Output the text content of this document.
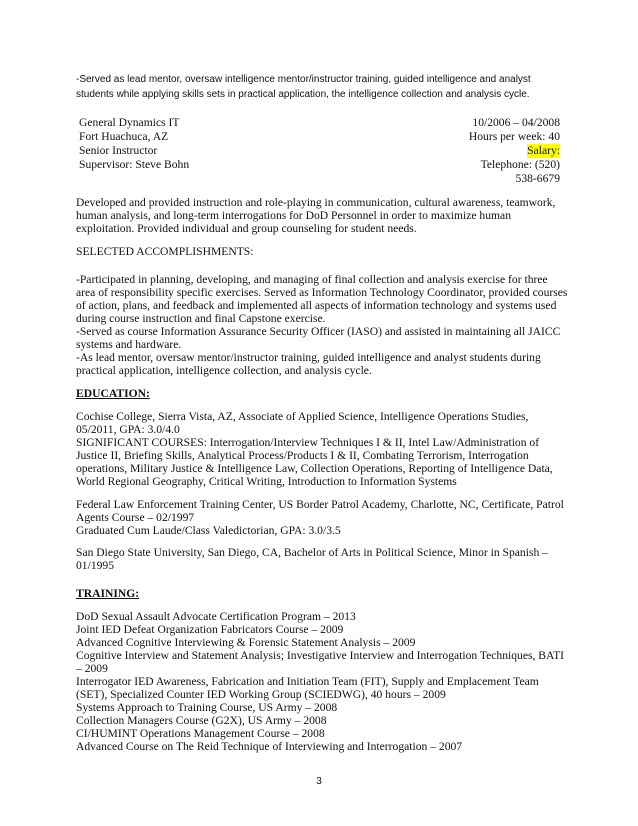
-Served as lead mentor, oversaw intelligence mentor/instructor training, guided intelligence and analyst
students while applying skills sets in practical application, the intelligence collection and analysis cycle.
General Dynamics IT	10/2006 – 04/2008
Fort Huachuca, AZ	Hours per week: 40
Senior Instructor	Salary:
Supervisor: Steve Bohn	Telephone: (520)
538-6679
Developed and provided instruction and role-playing in communication, cultural awareness, teamwork,
human analysis, and long-term interrogations for DoD Personnel in order to maximize human
exploitation. Provided individual and group counseling for student needs.
SELECTED ACCOMPLISHMENTS:
-Participated in planning, developing, and managing of final collection and analysis exercise for three
area of responsibility specific exercises. Served as Information Technology Coordinator, provided courses
of action, plans, and feedback and implemented all aspects of information technology and systems used
during course instruction and final Capstone exercise.
-Served as course Information Assurance Security Officer (IASO) and assisted in maintaining all JAICC
systems and hardware.
-As lead mentor, oversaw mentor/instructor training, guided intelligence and analyst students during
practical application, intelligence collection, and analysis cycle.
EDUCATION:
Cochise College, Sierra Vista, AZ, Associate of Applied Science, Intelligence Operations Studies,
05/2011, GPA: 3.0/4.0
SIGNIFICANT COURSES: Interrogation/Interview Techniques I & II, Intel Law/Administration of
Justice II, Briefing Skills, Analytical Process/Products I & II, Combating Terrorism, Interrogation
operations, Military Justice & Intelligence Law, Collection Operations, Reporting of Intelligence Data,
World Regional Geography, Critical Writing, Introduction to Information Systems
Federal Law Enforcement Training Center, US Border Patrol Academy, Charlotte, NC, Certificate, Patrol
Agents Course – 02/1997
Graduated Cum Laude/Class Valedictorian, GPA: 3.0/3.5
San Diego State University, San Diego, CA, Bachelor of Arts in Political Science, Minor in Spanish –
01/1995
TRAINING:
DoD Sexual Assault Advocate Certification Program – 2013
Joint IED Defeat Organization Fabricators Course – 2009
Advanced Cognitive Interviewing & Forensic Statement Analysis – 2009
Cognitive Interview and Statement Analysis; Investigative Interview and Interrogation Techniques, BATI
– 2009
Interrogator IED Awareness, Fabrication and Initiation Team (FIT), Supply and Emplacement Team
(SET), Specialized Counter IED Working Group (SCIEDWG), 40 hours – 2009
Systems Approach to Training Course, US Army – 2008
Collection Managers Course (G2X), US Army – 2008
CI/HUMINT Operations Management Course – 2008
Advanced Course on The Reid Technique of Interviewing and Interrogation – 2007
3
